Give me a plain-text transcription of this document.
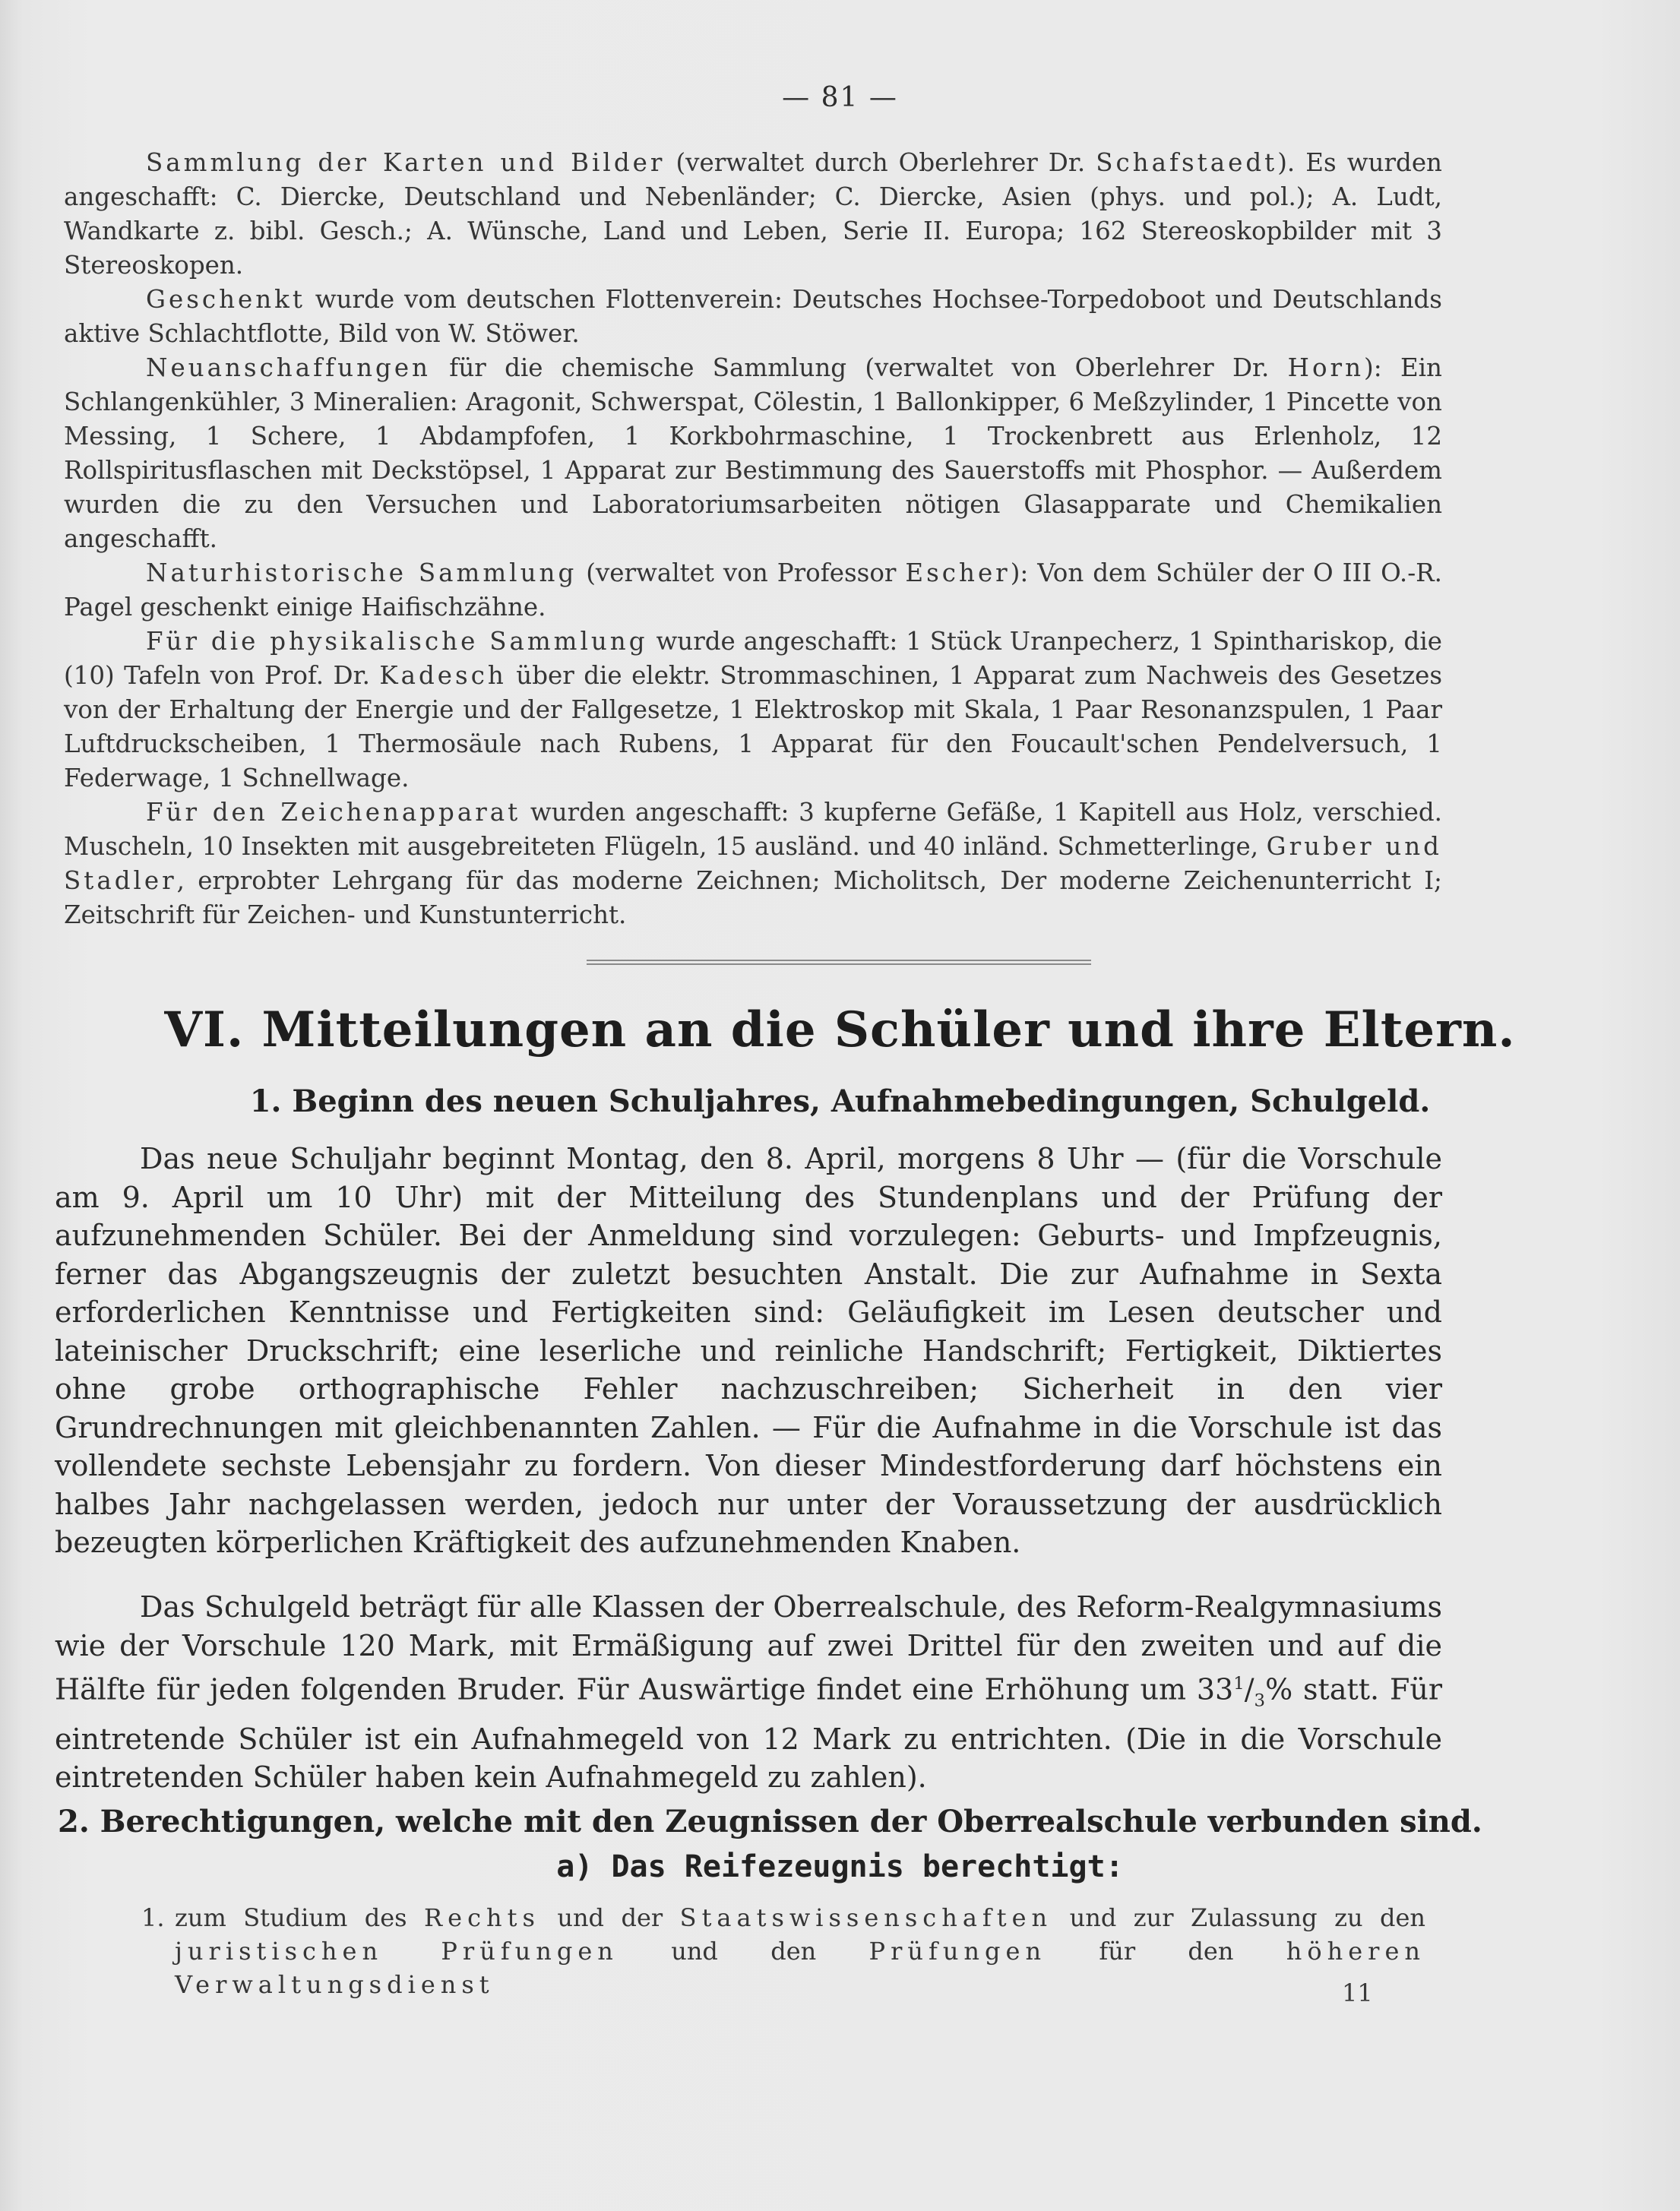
— 81 —

Sammlung der Karten und Bilder (verwaltet durch Oberlehrer Dr. Schafstaedt). Es wurden angeschafft: C. Diercke, Deutschland und Nebenländer; C. Diercke, Asien (phys. und pol.); A. Ludt, Wandkarte z. bibl. Gesch.; A. Wünsche, Land und Leben, Serie II. Europa; 162 Stereoskopbilder mit 3 Stereoskopen.

Geschenkt wurde vom deutschen Flottenverein: Deutsches Hochsee-Torpedoboot und Deutschlands aktive Schlachtflotte, Bild von W. Stöwer.

Neuanschaffungen für die chemische Sammlung (verwaltet von Oberlehrer Dr. Horn): Ein Schlangenkühler, 3 Mineralien: Aragonit, Schwerspat, Cölestin, 1 Ballonkipper, 6 Meßzylinder, 1 Pincette von Messing, 1 Schere, 1 Abdampfofen, 1 Korkbohrmaschine, 1 Trockenbrett aus Erlenholz, 12 Rollspiritusflaschen mit Deckstöpsel, 1 Apparat zur Bestimmung des Sauerstoffs mit Phosphor. — Außerdem wurden die zu den Versuchen und Laboratoriumsarbeiten nötigen Glasapparate und Chemikalien angeschafft.

Naturhistorische Sammlung (verwaltet von Professor Escher): Von dem Schüler der O III O.-R. Pagel geschenkt einige Haifischzähne.

Für die physikalische Sammlung wurde angeschafft: 1 Stück Uranpecherz, 1 Spinthariskop, die (10) Tafeln von Prof. Dr. Kadesch über die elektr. Strommaschinen, 1 Apparat zum Nachweis des Gesetzes von der Erhaltung der Energie und der Fallgesetze, 1 Elektroskop mit Skala, 1 Paar Resonanzspulen, 1 Paar Luftdruckscheiben, 1 Thermosäule nach Rubens, 1 Apparat für den Foucault'schen Pendelversuch, 1 Federwage, 1 Schnellwage.

Für den Zeichenapparat wurden angeschafft: 3 kupferne Gefäße, 1 Kapitell aus Holz, verschied. Muscheln, 10 Insekten mit ausgebreiteten Flügeln, 15 ausländ. und 40 inländ. Schmetterlinge, Gruber und Stadler, erprobter Lehrgang für das moderne Zeichnen; Micholitsch, Der moderne Zeichenunterricht I; Zeitschrift für Zeichen- und Kunstunterricht.

VI. Mitteilungen an die Schüler und ihre Eltern.
1. Beginn des neuen Schuljahres, Aufnahmebedingungen, Schulgeld.

Das neue Schuljahr beginnt Montag, den 8. April, morgens 8 Uhr — (für die Vorschule am 9. April um 10 Uhr) mit der Mitteilung des Stundenplans und der Prüfung der aufzunehmenden Schüler. Bei der Anmeldung sind vorzulegen: Geburts- und Impfzeugnis, ferner das Abgangszeugnis der zuletzt besuchten Anstalt. Die zur Aufnahme in Sexta erforderlichen Kenntnisse und Fertigkeiten sind: Geläufigkeit im Lesen deutscher und lateinischer Druckschrift; eine leserliche und reinliche Handschrift; Fertigkeit, Diktiertes ohne grobe orthographische Fehler nachzuschreiben; Sicherheit in den vier Grundrechnungen mit gleichbenannten Zahlen. — Für die Aufnahme in die Vorschule ist das vollendete sechste Lebensjahr zu fordern. Von dieser Mindestforderung darf höchstens ein halbes Jahr nachgelassen werden, jedoch nur unter der Voraussetzung der ausdrücklich bezeugten körperlichen Kräftigkeit des aufzunehmenden Knaben.

Das Schulgeld beträgt für alle Klassen der Oberrealschule, des Reform-Realgymnasiums wie der Vorschule 120 Mark, mit Ermäßigung auf zwei Drittel für den zweiten und auf die Hälfte für jeden folgenden Bruder. Für Auswärtige findet eine Erhöhung um $33^1/_3\%$ statt. Für eintretende Schüler ist ein Aufnahmegeld von 12 Mark zu entrichten. (Die in die Vorschule eintretenden Schüler haben kein Aufnahmegeld zu zahlen).

2. Berechtigungen, welche mit den Zeugnissen der Oberrealschule verbunden sind.
a) Das Reifezeugnis berechtigt:
1. zum Studium des Rechts und der Staatswissenschaften und zur Zulassung zu den juristischen Prüfungen und den Prüfungen für den höheren Verwaltungsdienst	11
